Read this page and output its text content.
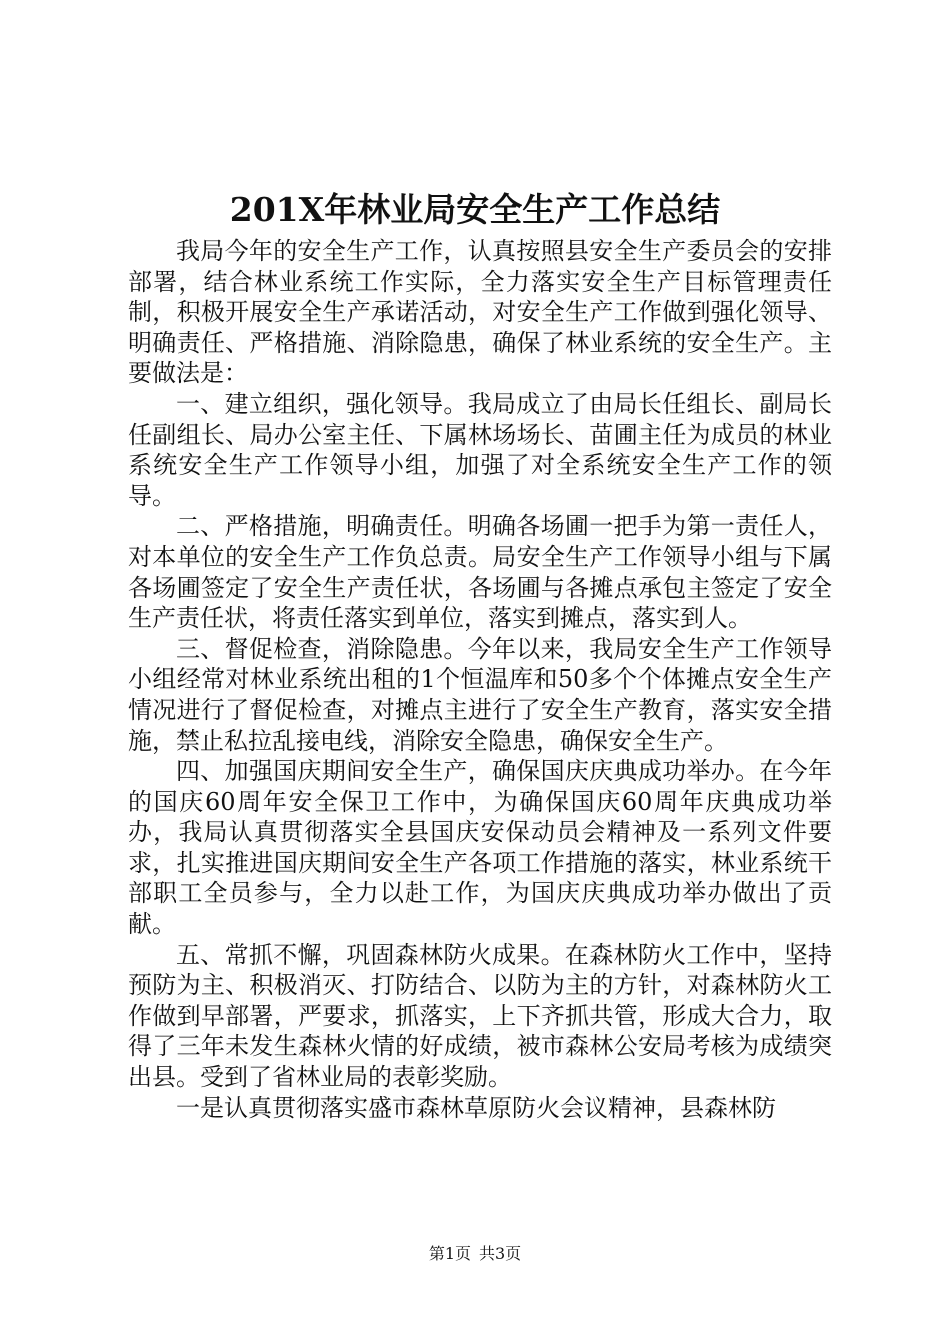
201X年林业局安全生产工作总结

我局今年的安全生产工作，认真按照县安全生产委员会的安排部署，结合林业系统工作实际，全力落实安全生产目标管理责任制，积极开展安全生产承诺活动，对安全生产工作做到强化领导、明确责任、严格措施、消除隐患，确保了林业系统的安全生产。主要做法是：

一、建立组织，强化领导。我局成立了由局长任组长、副局长任副组长、局办公室主任、下属林场场长、苗圃主任为成员的林业系统安全生产工作领导小组，加强了对全系统安全生产工作的领导。

二、严格措施，明确责任。明确各场圃一把手为第一责任人，对本单位的安全生产工作负总责。局安全生产工作领导小组与下属各场圃签定了安全生产责任状，各场圃与各摊点承包主签定了安全生产责任状，将责任落实到单位，落实到摊点，落实到人。

三、督促检查，消除隐患。今年以来，我局安全生产工作领导小组经常对林业系统出租的1个恒温库和50多个个体摊点安全生产情况进行了督促检查，对摊点主进行了安全生产教育，落实安全措施，禁止私拉乱接电线，消除安全隐患，确保安全生产。

四、加强国庆期间安全生产，确保国庆庆典成功举办。在今年的国庆60周年安全保卫工作中，为确保国庆60周年庆典成功举办，我局认真贯彻落实全县国庆安保动员会精神及一系列文件要求，扎实推进国庆期间安全生产各项工作措施的落实，林业系统干部职工全员参与，全力以赴工作，为国庆庆典成功举办做出了贡献。

五、常抓不懈，巩固森林防火成果。在森林防火工作中，坚持预防为主、积极消灭、打防结合、以防为主的方针，对森林防火工作做到早部署，严要求，抓落实，上下齐抓共管，形成大合力，取得了三年未发生森林火情的好成绩，被市森林公安局考核为成绩突出县。受到了省林业局的表彰奖励。

一是认真贯彻落实盛市森林草原防火会议精神，县森林防

第1页 共3页
